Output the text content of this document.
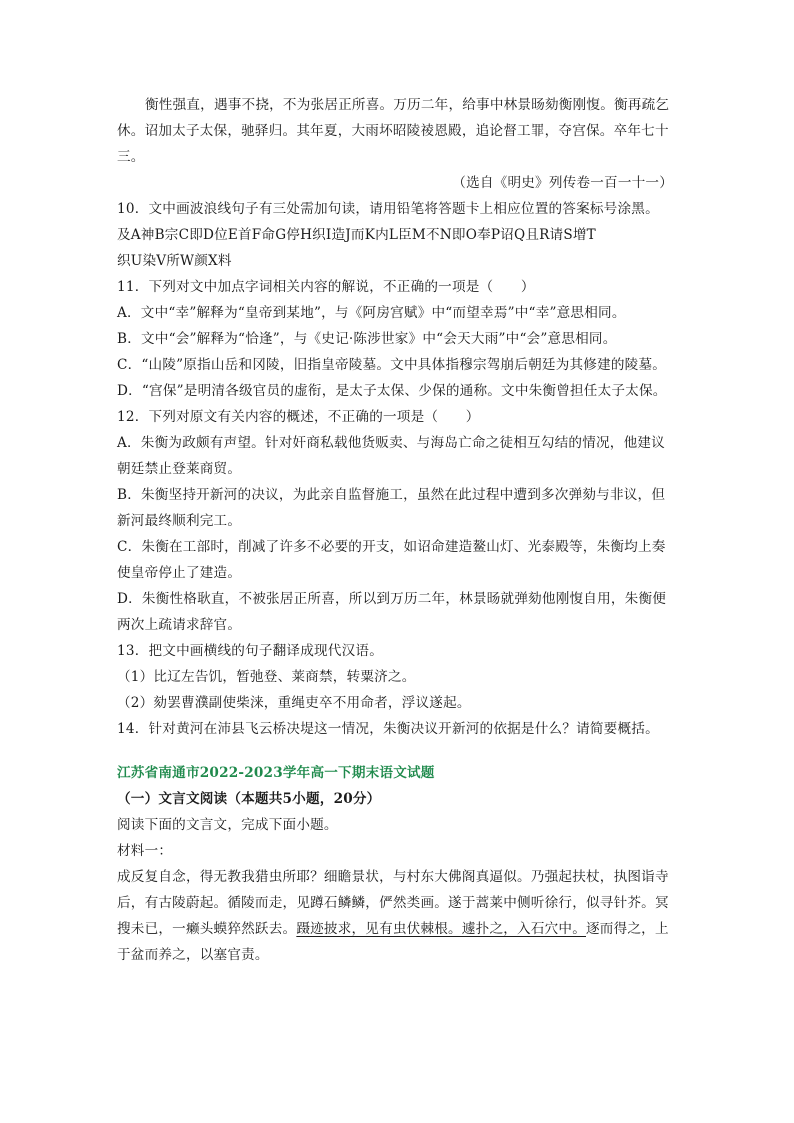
衡性强直，遇事不挠，不为张居正所喜。万历二年，给事中林景旸劾衡刚愎。衡再疏乞休。诏加太子太保，驰驿归。其年夏，大雨坏昭陵祾恩殿，追论督工罪，夺宫保。卒年七十三。

（选自《明史》列传卷一百一十一）

10．文中画波浪线句子有三处需加句读，请用铅笔将答题卡上相应位置的答案标号涂黑。

及A神B宗C即D位E首F命G停H织I造J而K内L臣M不N即O奉P诏Q且R请S增T

织U染V所W颜X料

11．下列对文中加点字词相关内容的解说，不正确的一项是（　　）

A．文中“幸”解释为“皇帝到某地”，与《阿房宫赋》中“而望幸焉”中“幸”意思相同。

B．文中“会”解释为“恰逢”，与《史记·陈涉世家》中“会天大雨”中“会”意思相同。

C．“山陵”原指山岳和冈陵，旧指皇帝陵墓。文中具体指穆宗驾崩后朝廷为其修建的陵墓。

D．“宫保”是明清各级官员的虚衔，是太子太保、少保的通称。文中朱衡曾担任太子太保。

12．下列对原文有关内容的概述，不正确的一项是（　　）

A．朱衡为政颇有声望。针对奸商私载他货贩卖、与海岛亡命之徒相互勾结的情况，他建议

朝廷禁止登莱商贸。

B．朱衡坚持开新河的决议，为此亲自监督施工，虽然在此过程中遭到多次弹劾与非议，但

新河最终顺利完工。

C．朱衡在工部时，削减了许多不必要的开支，如诏命建造鳌山灯、光泰殿等，朱衡均上奏

使皇帝停止了建造。

D．朱衡性格耿直，不被张居正所喜，所以到万历二年，林景旸就弹劾他刚愎自用，朱衡便

两次上疏请求辞官。

13．把文中画横线的句子翻译成现代汉语。

（1）比辽左告饥，暂弛登、莱商禁，转粟济之。

（2）劾罢曹濮副使柴涞，重绳吏卒不用命者，浮议遂起。

14．针对黄河在沛县飞云桥决堤这一情况，朱衡决议开新河的依据是什么？请简要概括。

江苏省南通市2022-2023学年高一下期末语文试题

（一）文言文阅读（本题共5小题，20分）

阅读下面的文言文，完成下面小题。

材料一：

成反复自念，得无教我猎虫所耶？细瞻景状，与村东大佛阁真逼似。乃强起扶杖，执图诣寺后，有古陵蔚起。循陵而走，见蹲石鳞鳞，俨然类画。遂于蒿莱中侧听徐行，似寻针芥。冥搜未已，一癞头蟆猝然跃去。蹑迹披求，见有虫伏棘根。遽扑之，入石穴中。逐而得之，上于盆而养之，以塞官责。
